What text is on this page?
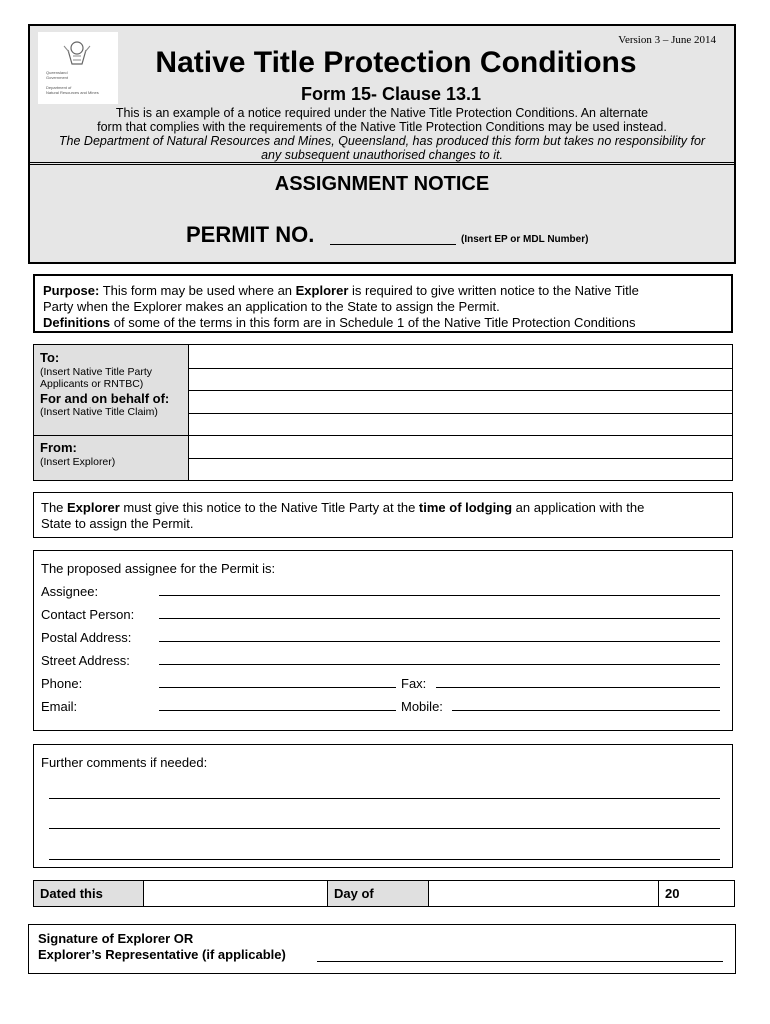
Queensland
Government

Department of
Natural Resources and Mines
Version 3 – June 2014
Native Title Protection Conditions
Form 15- Clause 13.1
This is an example of a notice required under the Native Title Protection Conditions. An alternate
form that complies with the requirements of the Native Title Protection Conditions may be used instead.
The Department of Natural Resources and Mines, Queensland, has produced this form but takes no responsibility for
any subsequent unauthorised changes to it.
ASSIGNMENT NOTICE
PERMIT NO.	(Insert EP or MDL Number)
Purpose: This form may be used where an Explorer is required to give written notice to the Native Title
Party when the Explorer makes an application to the State to assign the Permit.
Definitions of some of the terms in this form are in Schedule 1 of the Native Title Protection Conditions
To:
(Insert Native Title Party
Applicants or RNTBC)
For and on behalf of:
(Insert Native Title Claim)
From:
(Insert Explorer)
The Explorer must give this notice to the Native Title Party at the time of lodging an application with the
State to assign the Permit.
The proposed assignee for the Permit is:
Assignee:
Contact Person:
Postal Address:
Street Address:
Phone:	Fax:
Email:	Mobile:
Further comments if needed:
Dated this	Day of	20
Signature of Explorer OR
Explorer’s Representative (if applicable)
